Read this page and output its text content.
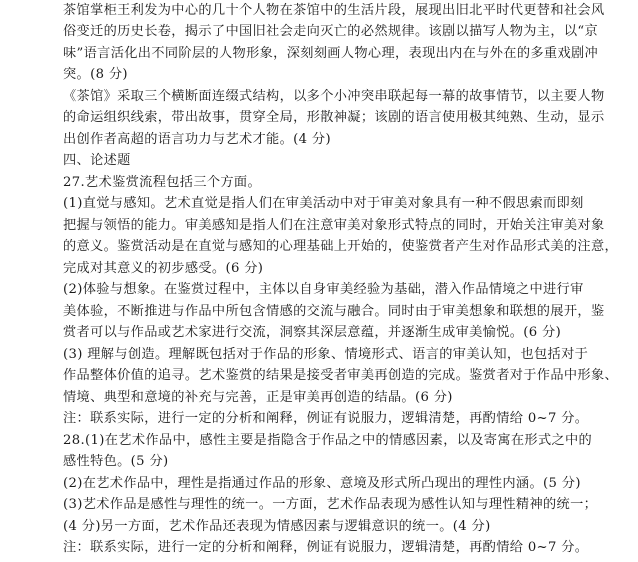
茶馆掌柜王利发为中心的几十个人物在茶馆中的生活片段，展现出旧北平时代更替和社会风
俗变迁的历史长卷，揭示了中国旧社会走向灭亡的必然规律。该剧以描写人物为主，以“京
味”语言活化出不同阶层的人物形象，深刻刻画人物心理，表现出内在与外在的多重戏剧冲
突。(8 分)
《茶馆》采取三个横断面连缀式结构，以多个小冲突串联起每一幕的故事情节，以主要人物
的命运组织线索，带出故事，贯穿全局，形散神凝；该剧的语言使用极其纯熟、生动，显示
出创作者高超的语言功力与艺术才能。(4 分)
四、论述题
27.艺术鉴赏流程包括三个方面。
(1)直觉与感知。艺术直觉是指人们在审美活动中对于审美对象具有一种不假思索而即刻
把握与领悟的能力。审美感知是指人们在注意审美对象形式特点的同时，开始关注审美对象
的意义。鉴赏活动是在直觉与感知的心理基础上开始的，使鉴赏者产生对作品形式美的注意，
完成对其意义的初步感受。(6 分)
(2)体验与想象。在鉴赏过程中，主体以自身审美经验为基础，潜入作品情境之中进行审
美体验，不断推进与作品中所包含情感的交流与融合。同时由于审美想象和联想的展开，鉴
赏者可以与作品或艺术家进行交流，洞察其深层意蕴，并逐渐生成审美愉悦。(6 分)
(3) 理解与创造。理解既包括对于作品的形象、情境形式、语言的审美认知，也包括对于
作品整体价值的追寻。艺术鉴赏的结果是接受者审美再创造的完成。鉴赏者对于作品中形象、
情境、典型和意境的补充与完善，正是审美再创造的结晶。(6 分)
注：联系实际，进行一定的分析和阐释，例证有说服力，逻辑清楚，再酌情给 0~7 分。
28.(1)在艺术作品中，感性主要是指隐含于作品之中的情感因素，以及寄寓在形式之中的
感性特色。(5 分)
(2)在艺术作品中，理性是指通过作品的形象、意境及形式所凸现出的理性内涵。(5 分)
(3)艺术作品是感性与理性的统一。一方面，艺术作品表现为感性认知与理性精神的统一；
(4 分)另一方面，艺术作品还表现为情感因素与逻辑意识的统一。(4 分)
注：联系实际，进行一定的分析和阐释，例证有说服力，逻辑清楚，再酌情给 0~7 分。
